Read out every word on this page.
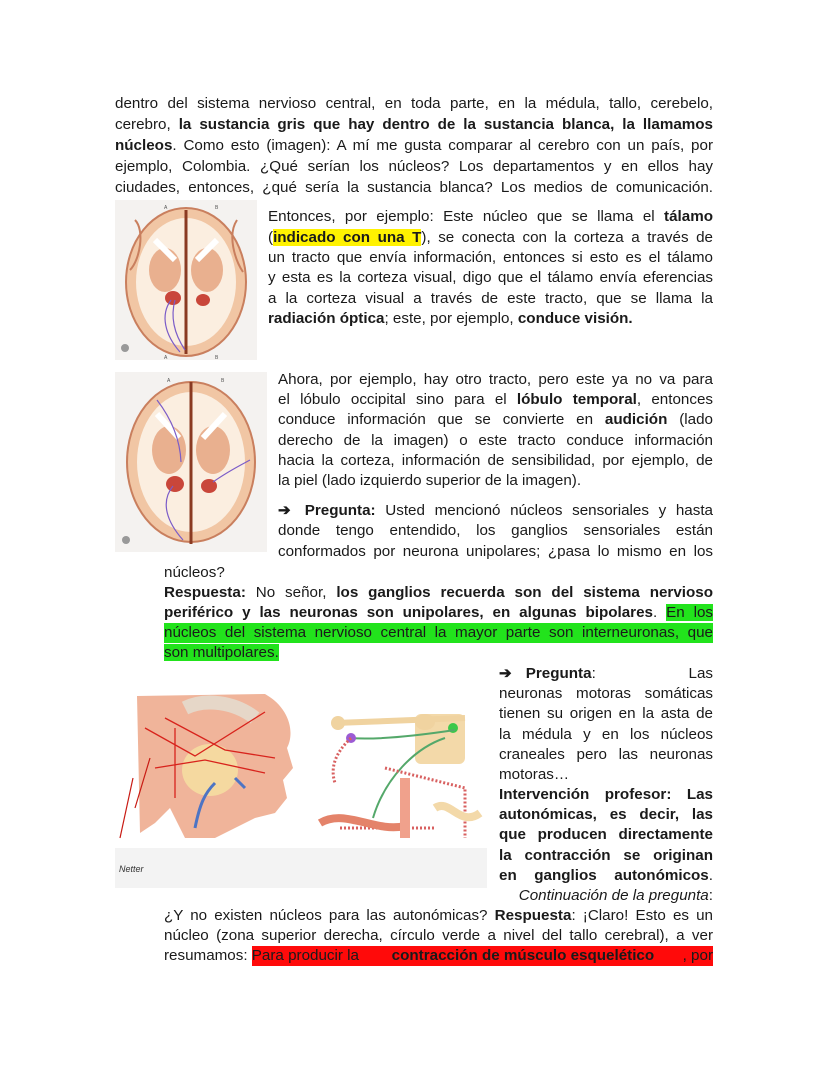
dentro del sistema nervioso central, en toda parte, en la médula, tallo, cerebelo,
cerebro, la sustancia gris que hay dentro de la sustancia blanca, la llamamos
núcleos. Como esto (imagen): A mí me gusta comparar al cerebro con un país, por
ejemplo, Colombia. ¿Qué serían los núcleos? Los departamentos y en ellos hay
ciudades, entonces, ¿qué sería la sustancia blanca? Los medios de comunicación.
A	B
A	B
Entonces, por ejemplo: Este núcleo que se llama el tálamo
(indicado con una T), se conecta con la corteza a través de
un tracto que envía información, entonces si esto es el tálamo
y esta es la corteza visual, digo que el tálamo envía eferencias
a la corteza visual a través de este tracto, que se llama la
radiación óptica; este, por ejemplo, conduce visión.
A	B	Ahora, por ejemplo, hay otro tracto, pero este ya no va para
el lóbulo occipital sino para el lóbulo temporal, entonces
conduce información que se convierte en audición (lado
derecho de la imagen) o este tracto conduce información
hacia la corteza, información de sensibilidad, por ejemplo, de
la piel (lado izquierdo superior de la imagen).
➔ Pregunta: Usted mencionó núcleos sensoriales y hasta
donde tengo entendido, los ganglios sensoriales están
conformados por neurona unipolares; ¿pasa lo mismo en los
núcleos?
Respuesta: No señor, los ganglios recuerda son del sistema nervioso
periférico y las neuronas son unipolares, en algunas bipolares. En los
núcleos del sistema nervioso central la mayor parte son interneuronas, que
son multipolares.
Netter
➔ Pregunta:	Las
neuronas motoras somáticas
tienen su origen en la asta de
la médula y en los núcleos
craneales pero las neuronas
motoras…
Intervención profesor: Las
autonómicas, es decir, las
que producen directamente
la contracción se originan
en ganglios autonómicos.
Continuación de la pregunta:
¿Y no existen núcleos para las autonómicas? Respuesta: ¡Claro! Esto es un
núcleo (zona superior derecha, círculo verde a nivel del tallo cerebral), a ver
resumamos: Para producir la contracción de músculo esquelético , por
